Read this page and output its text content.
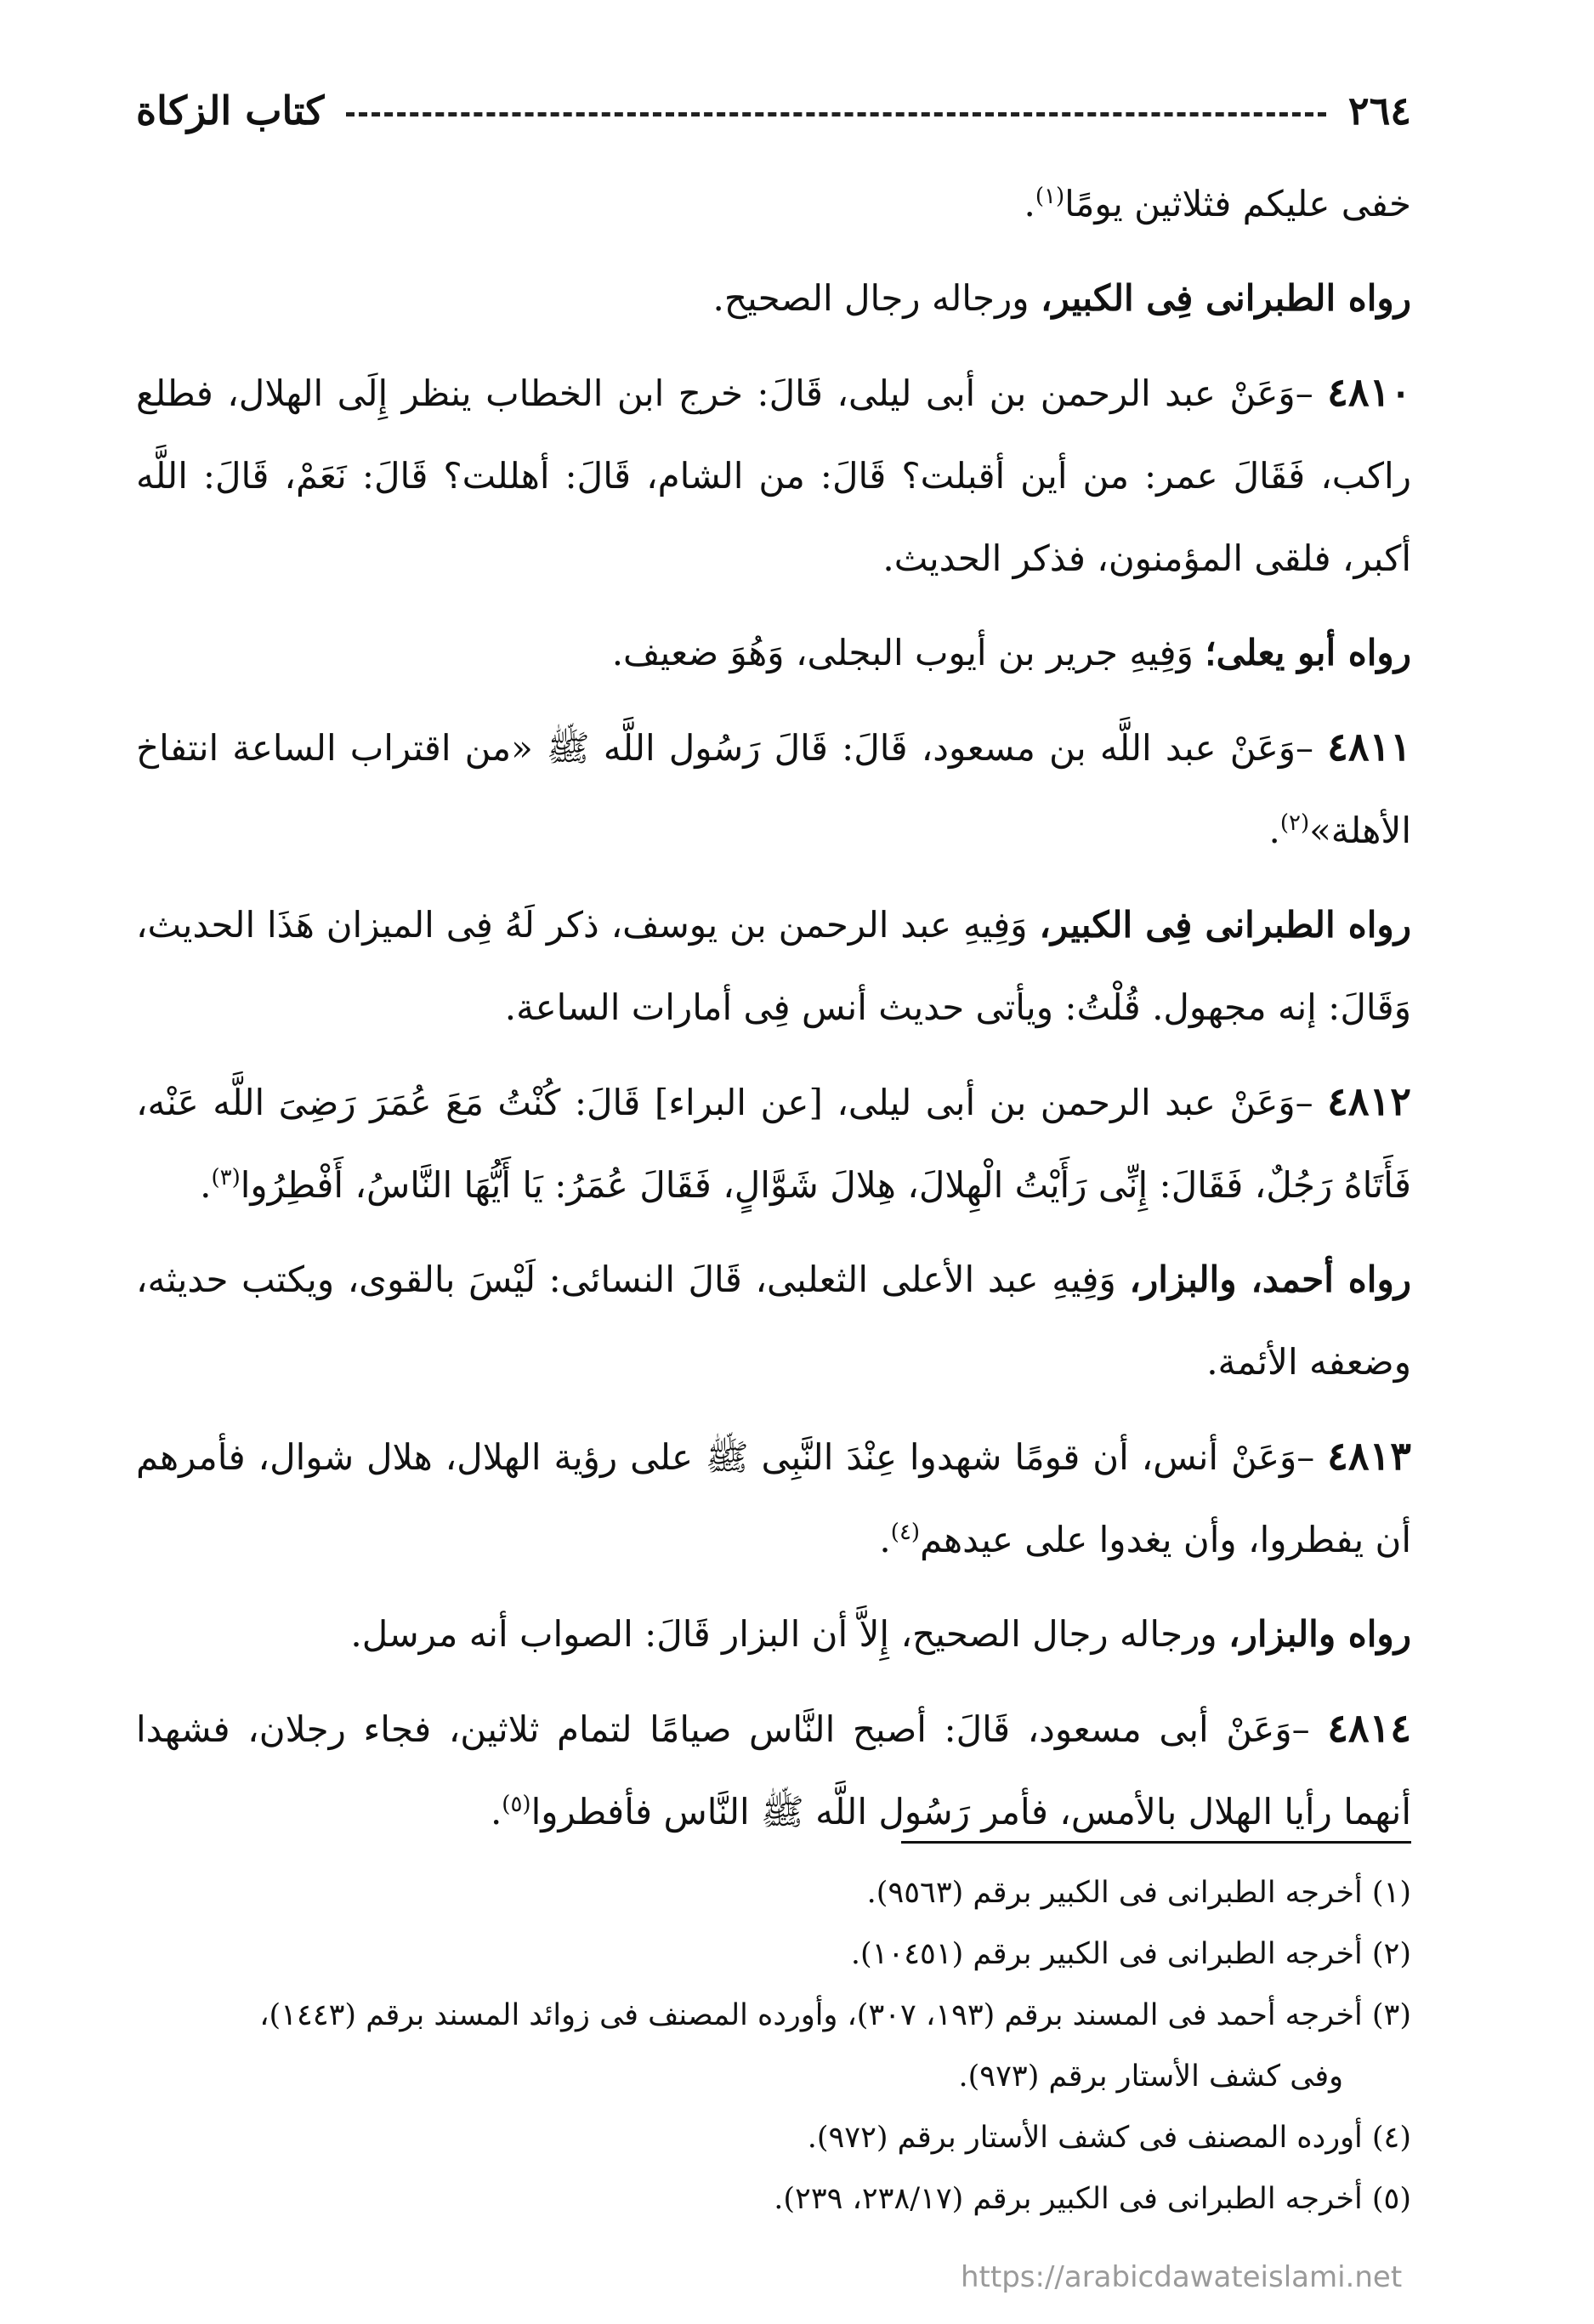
٢٦٤
كتاب الزكاة

خفى عليكم فثلاثين يومًا$^{(١)}$.

رواه الطبرانى فِى الكبير، ورجاله رجال الصحيح.

٤٨١٠ –وَعَنْ عبد الرحمن بن أبى ليلى، قَالَ: خرج ابن الخطاب ينظر إِلَى الهلال، فطلع راكب، فَقَالَ عمر: من أين أقبلت؟ قَالَ: من الشام، قَالَ: أهللت؟ قَالَ: نَعَمْ، قَالَ: اللَّه أكبر، فلقى المؤمنون، فذكر الحديث.

رواه أبو يعلى؛ وَفِيهِ جرير بن أيوب البجلى، وَهُوَ ضعيف.

٤٨١١ –وَعَنْ عبد اللَّه بن مسعود، قَالَ: قَالَ رَسُول اللَّه ﷺ «من اقتراب الساعة انتفاخ الأهلة»$^{(٢)}$.

رواه الطبرانى فِى الكبير، وَفِيهِ عبد الرحمن بن يوسف، ذكر لَهُ فِى الميزان هَذَا الحديث، وَقَالَ: إنه مجهول. قُلْتُ: ويأتى حديث أنس فِى أمارات الساعة.

٤٨١٢ –وَعَنْ عبد الرحمن بن أبى ليلى، [عن البراء] قَالَ: كُنْتُ مَعَ عُمَرَ رَضِىَ اللَّه عَنْه، فَأَتَاهُ رَجُلٌ، فَقَالَ: إِنِّى رَأَيْتُ الْهِلالَ، هِلالَ شَوَّالٍ، فَقَالَ عُمَرُ: يَا أَيُّهَا النَّاسُ، أَفْطِرُوا$^{(٣)}$.

رواه أحمد، والبزار، وَفِيهِ عبد الأعلى الثعلبى، قَالَ النسائى: لَيْسَ بالقوى، ويكتب حديثه، وضعفه الأئمة.

٤٨١٣ –وَعَنْ أنس، أن قومًا شهدوا عِنْدَ النَّبِى ﷺ على رؤية الهلال، هلال شوال، فأمرهم أن يفطروا، وأن يغدوا على عيدهم$^{(٤)}$.

رواه والبزار، ورجاله رجال الصحيح، إِلاَّ أن البزار قَالَ: الصواب أنه مرسل.

٤٨١٤ –وَعَنْ أبى مسعود، قَالَ: أصبح النَّاس صيامًا لتمام ثلاثين، فجاء رجلان، فشهدا أنهما رأيا الهلال بالأمس، فأمر رَسُول اللَّه ﷺ النَّاس فأفطروا$^{(٥)}$.

(١) أخرجه الطبرانى فى الكبير برقم (٩٥٦٣).

(٢) أخرجه الطبرانى فى الكبير برقم (١٠٤٥١).

(٣) أخرجه أحمد فى المسند برقم (١٩٣، ٣٠٧)، وأورده المصنف فى زوائد المسند برقم (١٤٤٣)،

وفى كشف الأستار برقم (٩٧٣).

(٤) أورده المصنف فى كشف الأستار برقم (٩٧٢).

(٥) أخرجه الطبرانى فى الكبير برقم (٢٣٨/١٧، ٢٣٩).

https://arabicdawateislami.net
